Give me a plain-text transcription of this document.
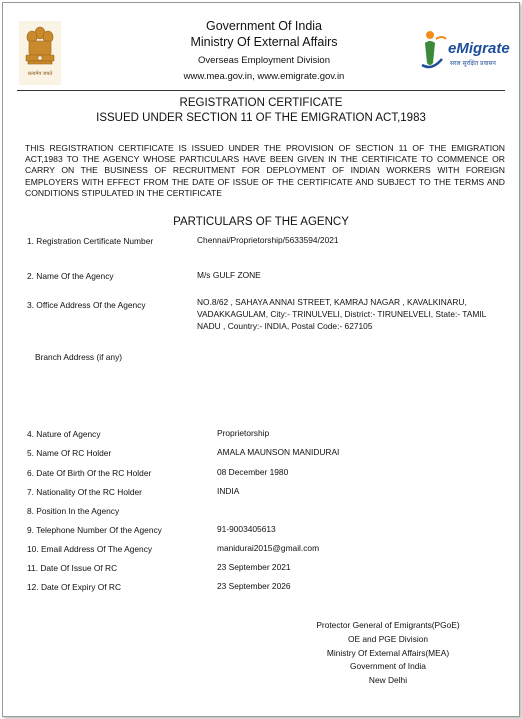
सत्यमेव जयते
eMigrate
सरल सुरक्षित प्रवासन
Government Of India
Ministry Of External Affairs
Overseas Employment Division
www.mea.gov.in, www.emigrate.gov.in
REGISTRATION CERTIFICATE
ISSUED UNDER SECTION 11 OF THE EMIGRATION ACT,1983
THIS REGISTRATION CERTIFICATE IS ISSUED UNDER THE PROVISION OF SECTION 11 OF THE EMIGRATION ACT,1983 TO THE AGENCY WHOSE PARTICULARS HAVE BEEN GIVEN IN THE CERTIFICATE TO COMMENCE OR CARRY ON THE BUSINESS OF RECRUITMENT FOR DEPLOYMENT OF INDIAN WORKERS WITH FOREIGN EMPLOYERS WITH EFFECT FROM THE DATE OF ISSUE OF THE CERTIFICATE AND SUBJECT TO THE TERMS AND CONDITIONS STIPULATED IN THE CERTIFICATE
PARTICULARS OF THE AGENCY
1. Registration Certificate Number	Chennai/Proprietorship/5633594/2021
2. Name Of the Agency	M/s GULF ZONE
3. Office Address Of the Agency	NO.8/62 , SAHAYA ANNAI STREET, KAMRAJ NAGAR , KAVALKINARU, VADAKKAGULAM, City:- TRINULVELI, District:- TIRUNELVELI, State:- TAMIL NADU , Country:- INDIA, Postal Code:- 627105
Branch Address (if any)
4. Nature of Agency	Proprietorship
5. Name Of RC Holder	AMALA MAUNSON MANIDURAI
6. Date Of Birth Of the RC Holder	08 December 1980
7. Nationality Of the RC Holder	INDIA
8. Position In the Agency
9. Telephone Number Of the Agency	91-9003405613
10. Email Address Of The Agency	manidurai2015@gmail.com
11. Date Of Issue Of RC	23 September 2021
12. Date Of Expiry Of RC	23 September 2026
Protector General of Emigrants(PGoE)
OE and PGE Division
Ministry Of External Affairs(MEA)
Government of India
New Delhi
